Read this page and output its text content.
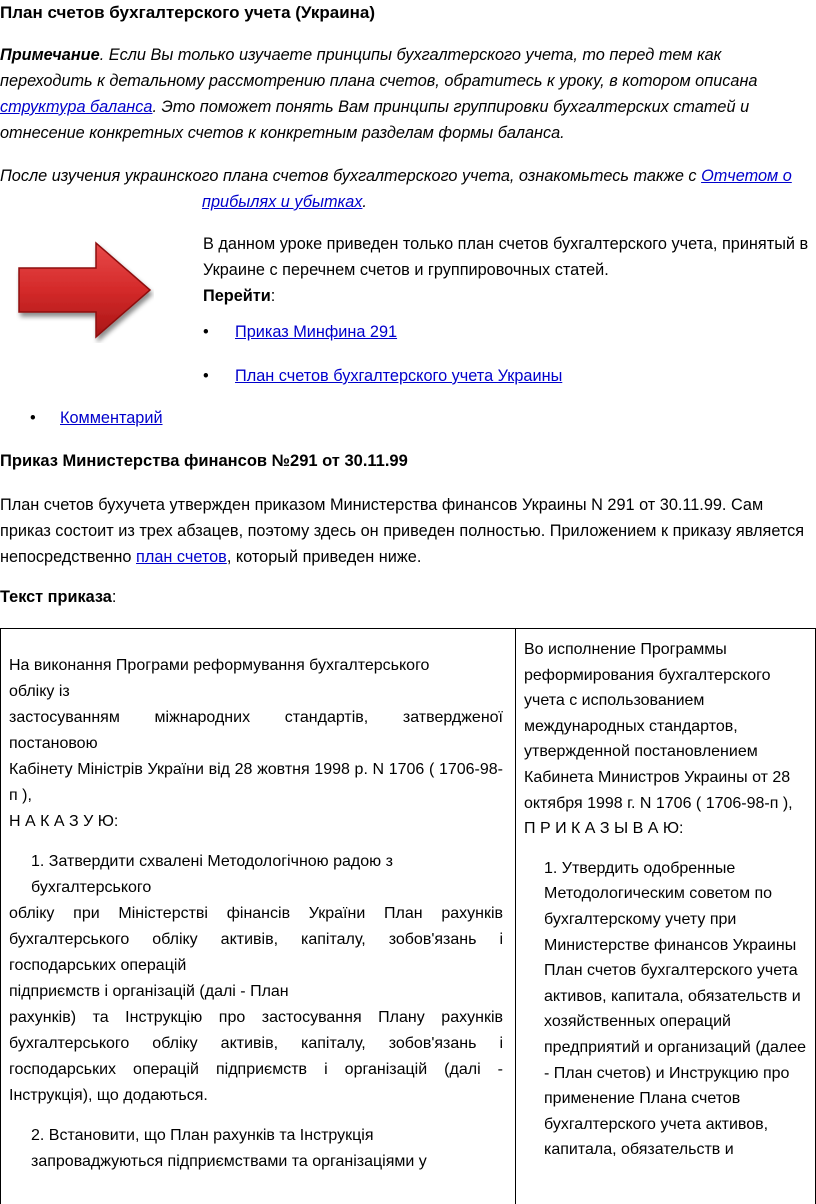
План счетов бухгалтерского учета (Украина)
Примечание. Если Вы только изучаете принципы бухгалтерского учета, то перед тем как переходить к детальному рассмотрению плана счетов, обратитесь к уроку, в котором описана структура баланса. Это поможет понять Вам принципы группировки бухгалтерских статей и отнесение конкретных счетов к конкретным разделам формы баланса.
После изучения украинского плана счетов бухгалтерского учета, ознакомьтесь также с Отчетом о
прибылях и убытках.
В данном уроке приведен только план счетов бухгалтерского учета, принятый в Украине с перечнем счетов и группировочных статей.
Перейти:
• Приказ Минфина 291
• План счетов бухгалтерского учета Украины
• Комментарий
Приказ Министерства финансов №291 от 30.11.99
План счетов бухучета утвержден приказом Министерства финансов Украины N 291 от 30.11.99. Сам приказ состоит из трех абзацев, поэтому здесь он приведен полностью. Приложением к приказу является непосредственно план счетов, который приведен ниже.
Текст приказа:
На виконання Програми реформування бухгалтерського
обліку із
застосуванням міжнародних стандартів, затвердженої постановою
Кабінету Міністрів України від 28 жовтня 1998 р. N 1706 ( 1706-98-п ),
Н А К А З У Ю:
1. Затвердити схвалені Методологічною радою з бухгалтерського
обліку при Міністерстві фінансів України План рахунків бухгалтерського обліку активів, капіталу, зобов'язань і господарських операцій
підприємств і організацій (далі - План
рахунків) та Інструкцію про застосування Плану рахунків бухгалтерського обліку активів, капіталу, зобов'язань і господарських операцій підприємств і організацій (далі - Інструкція), що додаються.
2. Встановити, що План рахунків та Інструкція запроваджуються підприємствами та організаціями у

Во исполнение Программы реформирования бухгалтерского учета с использованием международных стандартов, утвержденной постановлением Кабинета Министров Украины от 28 октября 1998 г. N 1706 ( 1706-98-п ),
П Р И К А З Ы В А Ю:
1. Утвердить одобренные Методологическим советом по бухгалтерскому учету при Министерстве финансов Украины План счетов бухгалтерского учета активов, капитала, обязательств и хозяйственных операций предприятий и организаций (далее - План счетов) и Инструкцию про применение Плана счетов бухгалтерского учета активов, капитала, обязательств и
